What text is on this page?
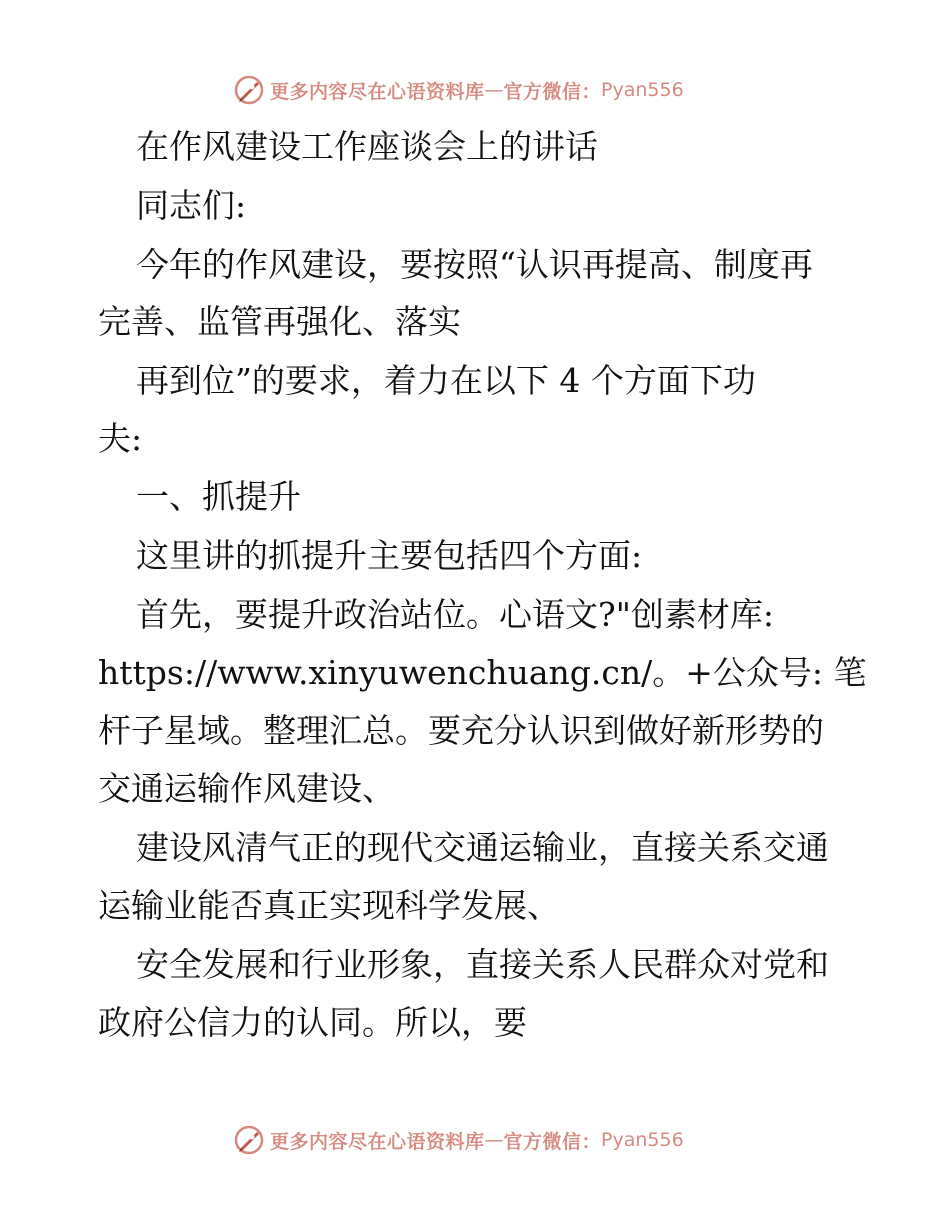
更多内容尽在心语资料库 — 官方微信： Pyan556
在作风建设工作座谈会上的讲话
同志们:
今年的作风建设，要按照“认识再提高、制度再
完善、监管再强化、落实
再到位”的要求，着力在以下 4 个方面下功
夫:
一、抓提升
这里讲的抓提升主要包括四个方面:
首先，要提升政治站位。心语文?"创素材库:
https://www.xinyuwenchuang.cn/。+公众号: 笔
杆子星域。整理汇总。要充分认识到做好新形势的
交通运输作风建设、
建设风清气正的现代交通运输业，直接关系交通
运输业能否真正实现科学发展、
安全发展和行业形象，直接关系人民群众对党和
政府公信力的认同。所以，要
更多内容尽在心语资料库 — 官方微信： Pyan556
